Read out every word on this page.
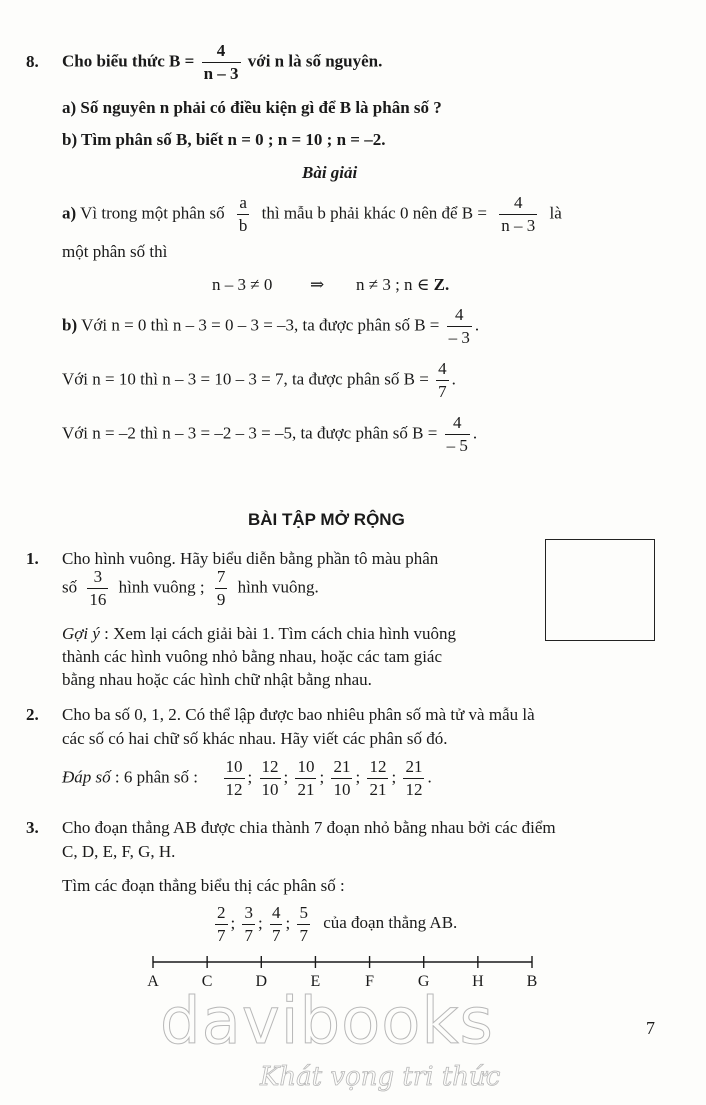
8. Cho biểu thức $B = \frac{4}{n - 3}$ với n là số nguyên.
a) Số nguyên n phải có điều kiện gì để B là phân số ?
b) Tìm phân số B, biết n = 0 ; n = 10 ; n = –2.
Bài giải
a) Vì trong một phân số $\frac{a}{b}$ thì mẫu b phải khác 0 nên để $B = \frac{4}{n - 3}$ là
một phân số thì
n – 3 ≠ 0 ⇒ n ≠ 3 ; n ∈ Z.
b) Với n = 0 thì n – 3 = 0 – 3 = –3, ta được phân số $B = \frac{4}{- 3}$ .
Với n = 10 thì n – 3 = 10 – 3 = 7, ta được phân số $B = \frac{4}{7}$ .
Với n = –2 thì n – 3 = –2 – 3 = –5, ta được phân số $B = \frac{4}{- 5}$ .
BÀI TẬP MỞ RỘNG
1. Cho hình vuông. Hãy biểu diễn bằng phần tô màu phân
số $\frac{3}{16}$ hình vuông ; $\frac{7}{9}$ hình vuông.
Gợi ý : Xem lại cách giải bài 1. Tìm cách chia hình vuông
thành các hình vuông nhỏ bằng nhau, hoặc các tam giác
bằng nhau hoặc các hình chữ nhật bằng nhau.
2. Cho ba số 0, 1, 2. Có thể lập được bao nhiêu phân số mà tử và mẫu là
các số có hai chữ số khác nhau. Hãy viết các phân số đó.
Đáp số : 6 phân số : $\frac{10}{12}$ ; $\frac{12}{10}$ ; $\frac{10}{21}$ ; $\frac{21}{10}$ ; $\frac{12}{21}$ ; $\frac{21}{12}$ .
3. Cho đoạn thẳng AB được chia thành 7 đoạn nhỏ bằng nhau bởi các điểm
C, D, E, F, G, H.
Tìm các đoạn thẳng biểu thị các phân số :
$\frac{2}{7}$ ; $\frac{3}{7}$ ; $\frac{4}{7}$ ; $\frac{5}{7}$ của đoạn thẳng AB.
A	C	D	E	F	G	H	B
7
davibooks
Khát vọng tri thức
